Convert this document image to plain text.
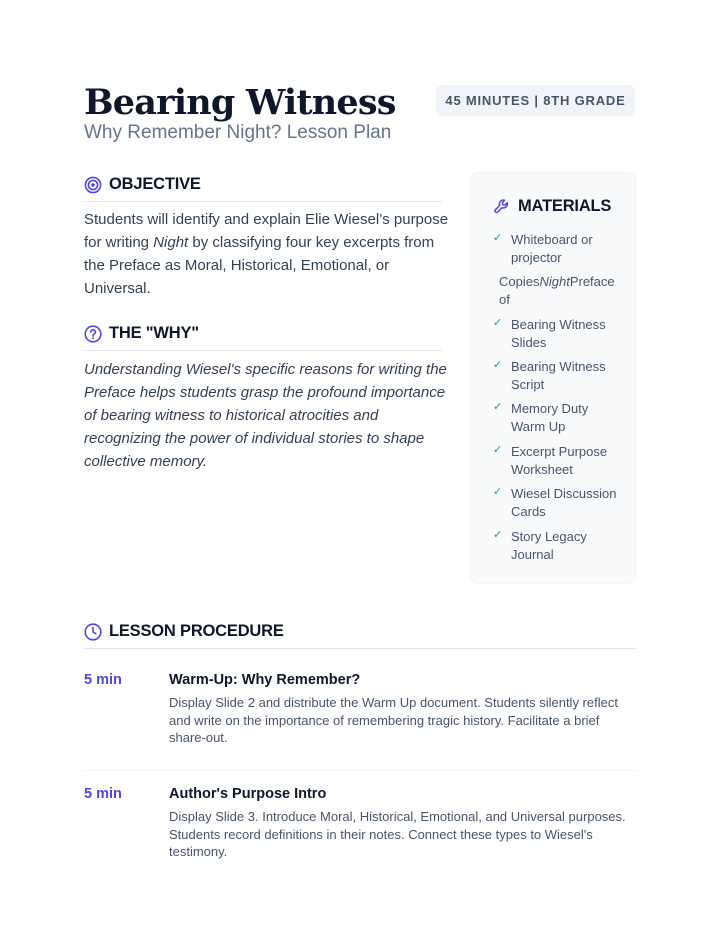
Bearing Witness
Why Remember Night? Lesson Plan
45 MINUTES | 8TH GRADE
OBJECTIVE
Students will identify and explain Elie Wiesel’s purpose for writing Night by classifying four key excerpts from the Preface as Moral, Historical, Emotional, or Universal.
THE "WHY"
Understanding Wiesel's specific reasons for writing the Preface helps students grasp the profound importance of bearing witness to historical atrocities and recognizing the power of individual stories to shape collective memory.
MATERIALS
✓ Whiteboard or projector
CopiesNightPreface
of
✓ Bearing Witness Slides
✓ Bearing Witness Script
✓ Memory Duty Warm Up
✓ Excerpt Purpose Worksheet
✓ Wiesel Discussion Cards
✓ Story Legacy Journal
LESSON PROCEDURE
5 min	Warm-Up: Why Remember?
Display Slide 2 and distribute the Warm Up document. Students silently reflect and write on the importance of remembering tragic history. Facilitate a brief share-out.
5 min	Author's Purpose Intro
Display Slide 3. Introduce Moral, Historical, Emotional, and Universal purposes. Students record definitions in their notes. Connect these types to Wiesel's testimony.
